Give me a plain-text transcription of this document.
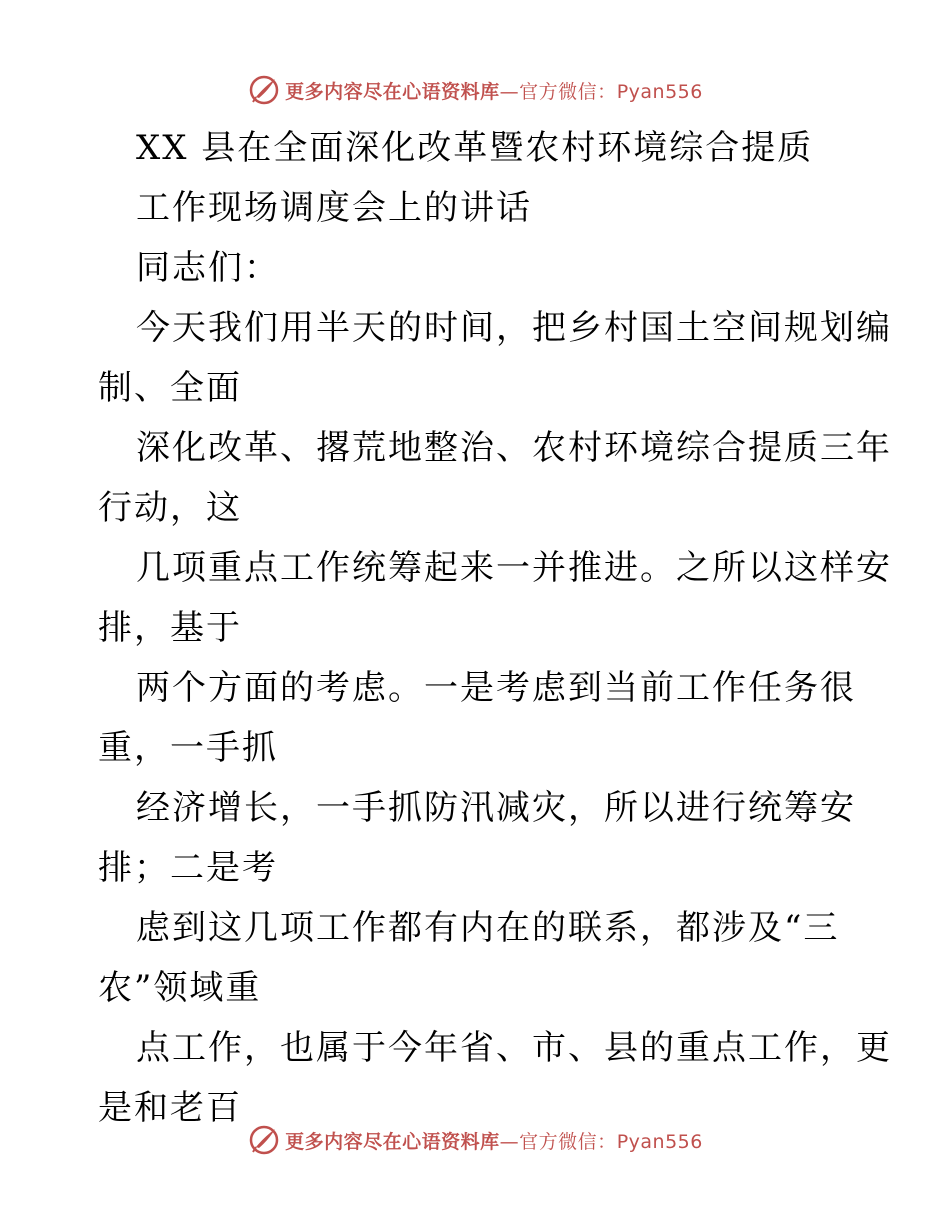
更多内容尽在心语资料库—官方微信：Pyan556
XX 县在全面深化改革暨农村环境综合提质
工作现场调度会上的讲话
同志们：
今天我们用半天的时间，把乡村国土空间规划编
制、全面
深化改革、撂荒地整治、农村环境综合提质三年
行动，这
几项重点工作统筹起来一并推进。之所以这样安
排，基于
两个方面的考虑。一是考虑到当前工作任务很
重，一手抓
经济增长，一手抓防汛减灾，所以进行统筹安
排；二是考
虑到这几项工作都有内在的联系，都涉及“三
农”领域重
点工作，也属于今年省、市、县的重点工作，更
是和老百
更多内容尽在心语资料库—官方微信：Pyan556
